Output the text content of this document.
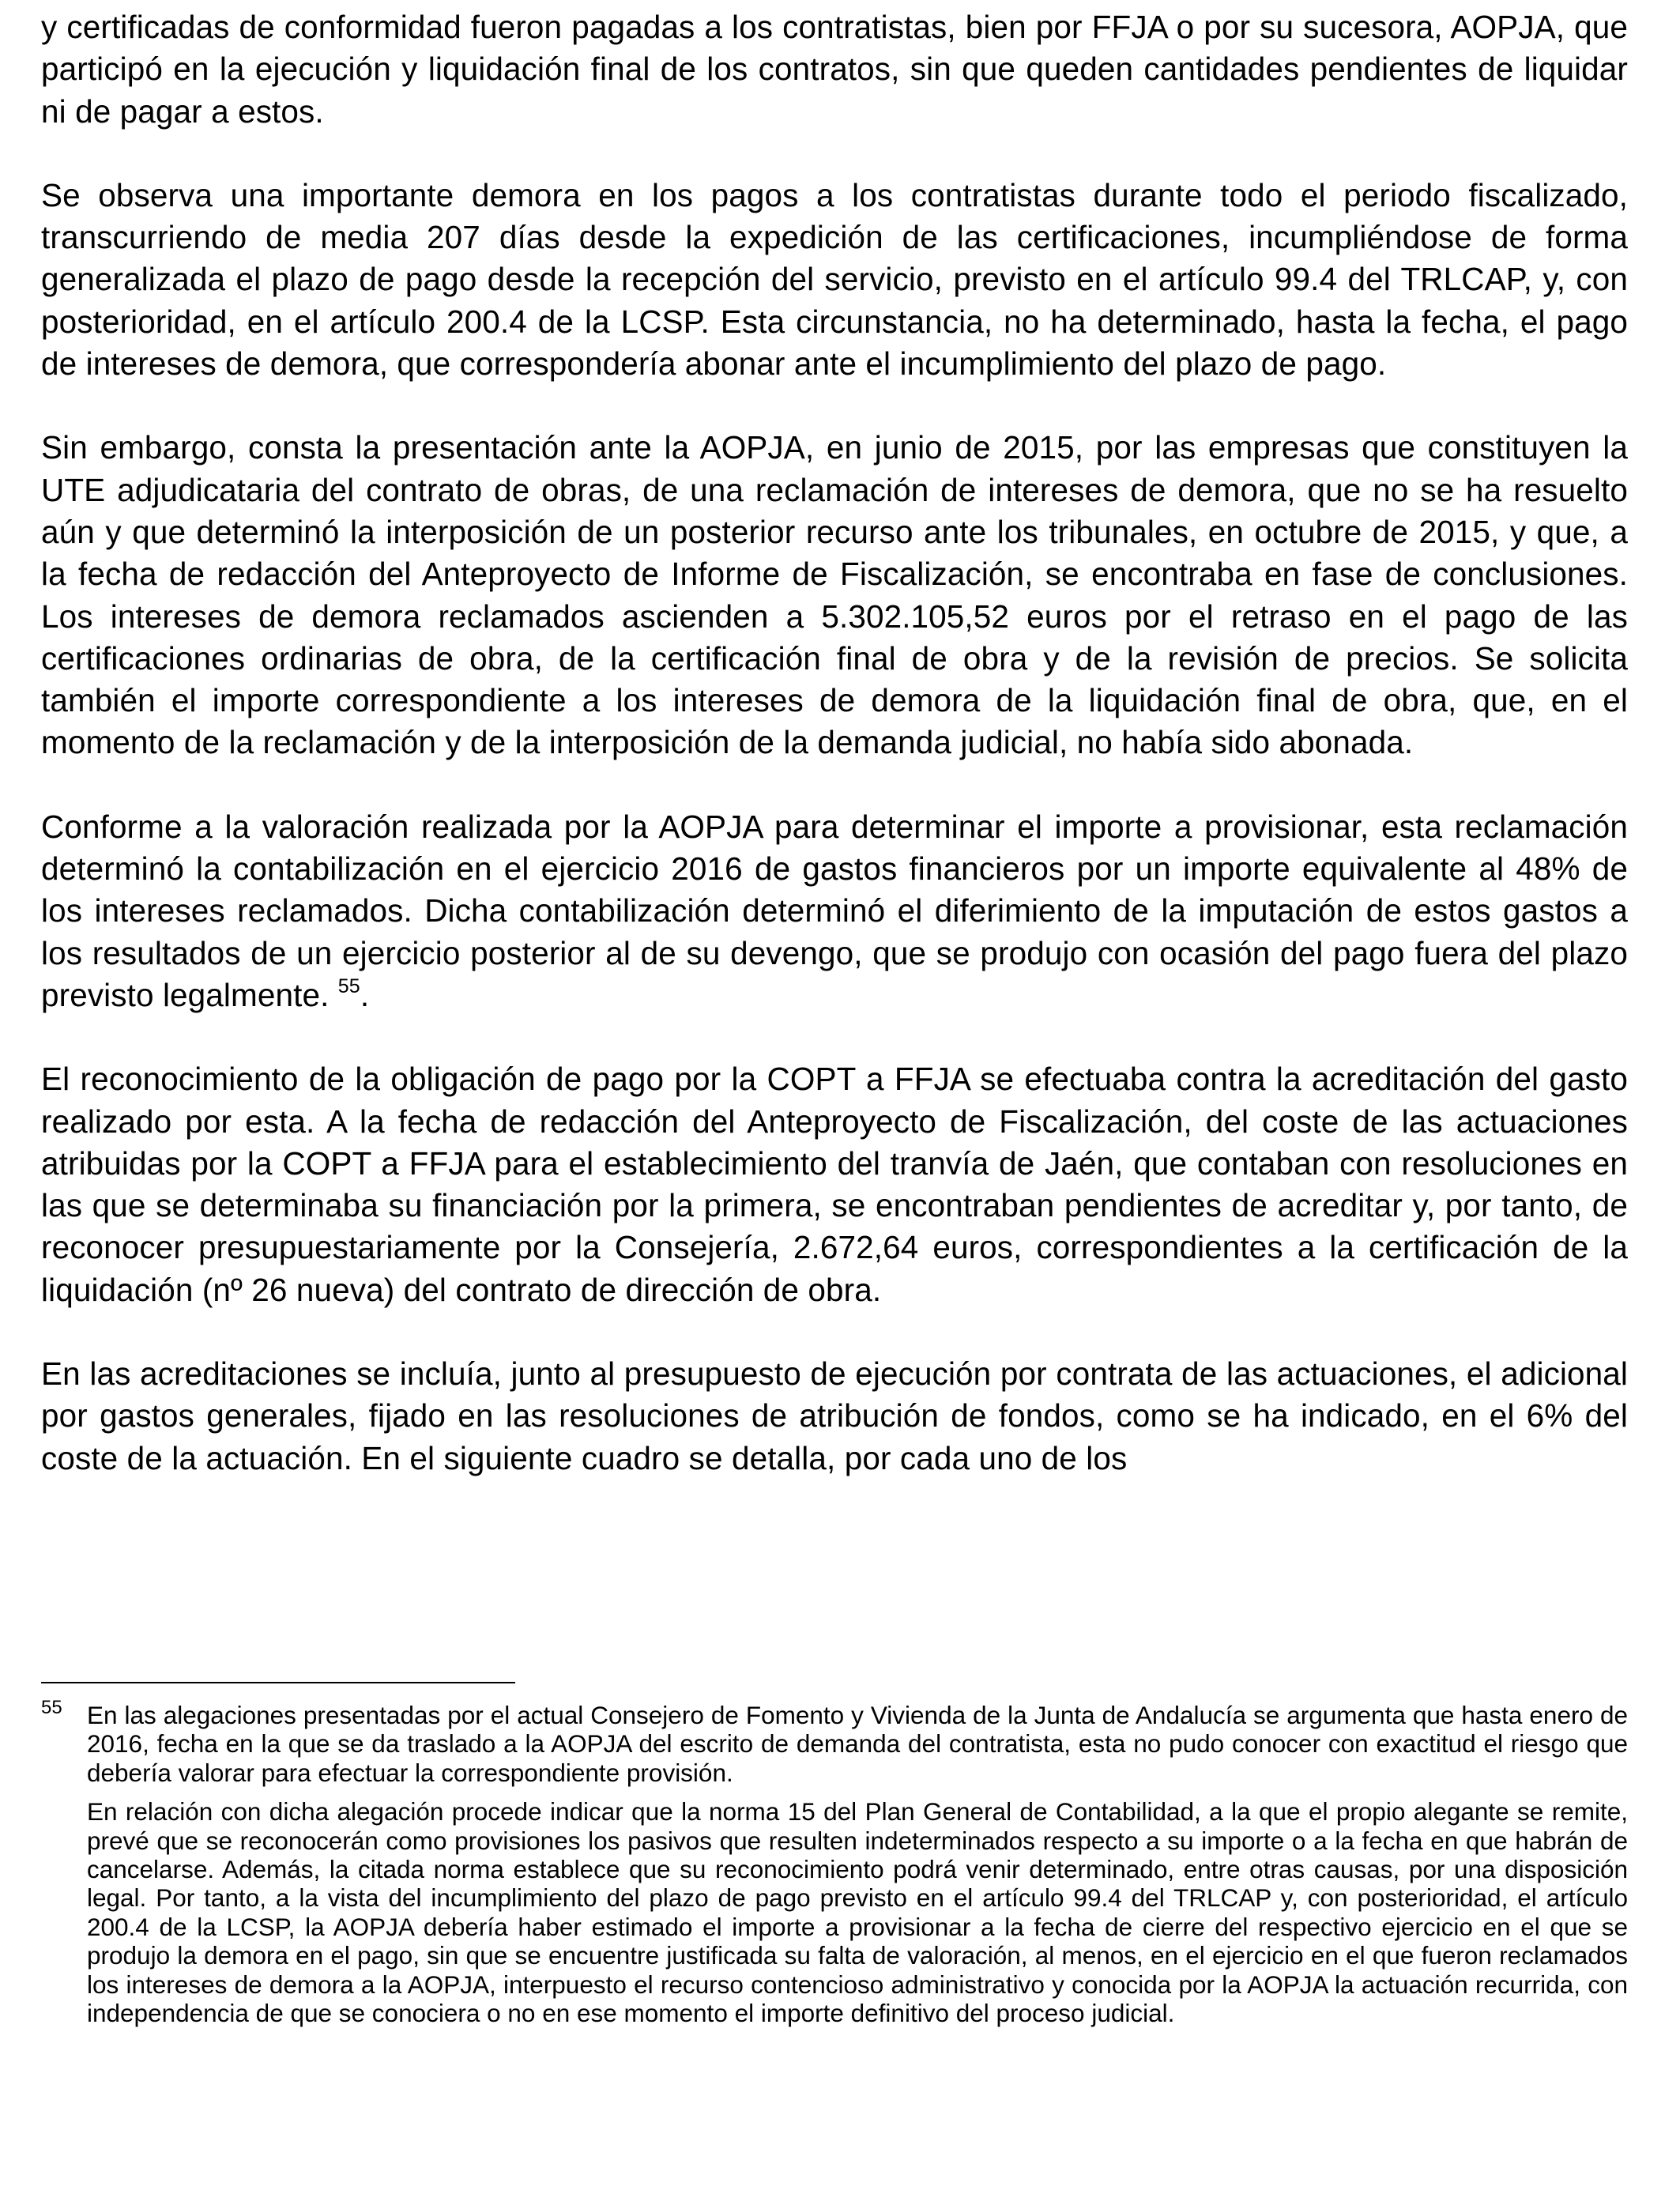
y certificadas de conformidad fueron pagadas a los contratistas, bien por FFJA o por su sucesora, AOPJA, que participó en la ejecución y liquidación final de los contratos, sin que queden cantidades pendientes de liquidar ni de pagar a estos.

Se observa una importante demora en los pagos a los contratistas durante todo el periodo fiscalizado, transcurriendo de media 207 días desde la expedición de las certificaciones, incumpliéndose de forma generalizada el plazo de pago desde la recepción del servicio, previsto en el artículo 99.4 del TRLCAP, y, con posterioridad, en el artículo 200.4 de la LCSP. Esta circunstancia, no ha determinado, hasta la fecha, el pago de intereses de demora, que correspondería abonar ante el incumplimiento del plazo de pago.

Sin embargo, consta la presentación ante la AOPJA, en junio de 2015, por las empresas que constituyen la UTE adjudicataria del contrato de obras, de una reclamación de intereses de demora, que no se ha resuelto aún y que determinó la interposición de un posterior recurso ante los tribunales, en octubre de 2015, y que, a la fecha de redacción del Anteproyecto de Informe de Fiscalización, se encontraba en fase de conclusiones. Los intereses de demora reclamados ascienden a 5.302.105,52 euros por el retraso en el pago de las certificaciones ordinarias de obra, de la certificación final de obra y de la revisión de precios. Se solicita también el importe correspondiente a los intereses de demora de la liquidación final de obra, que, en el momento de la reclamación y de la interposición de la demanda judicial, no había sido abonada.

Conforme a la valoración realizada por la AOPJA para determinar el importe a provisionar, esta reclamación determinó la contabilización en el ejercicio 2016 de gastos financieros por un importe equivalente al 48% de los intereses reclamados. Dicha contabilización determinó el diferimiento de la imputación de estos gastos a los resultados de un ejercicio posterior al de su devengo, que se produjo con ocasión del pago fuera del plazo previsto legalmente. $^{55}$.

El reconocimiento de la obligación de pago por la COPT a FFJA se efectuaba contra la acreditación del gasto realizado por esta. A la fecha de redacción del Anteproyecto de Fiscalización, del coste de las actuaciones atribuidas por la COPT a FFJA para el establecimiento del tranvía de Jaén, que contaban con resoluciones en las que se determinaba su financiación por la primera, se encontraban pendientes de acreditar y, por tanto, de reconocer presupuestariamente por la Consejería, 2.672,64 euros, correspondientes a la certificación de la liquidación (nº 26 nueva) del contrato de dirección de obra.

En las acreditaciones se incluía, junto al presupuesto de ejecución por contrata de las actuaciones, el adicional por gastos generales, fijado en las resoluciones de atribución de fondos, como se ha indicado, en el 6% del coste de la actuación. En el siguiente cuadro se detalla, por cada uno de los

55 En las alegaciones presentadas por el actual Consejero de Fomento y Vivienda de la Junta de Andalucía se argumenta que hasta enero de 2016, fecha en la que se da traslado a la AOPJA del escrito de demanda del contratista, esta no pudo conocer con exactitud el riesgo que debería valorar para efectuar la correspondiente provisión.

En relación con dicha alegación procede indicar que la norma 15 del Plan General de Contabilidad, a la que el propio alegante se remite, prevé que se reconocerán como provisiones los pasivos que resulten indeterminados respecto a su importe o a la fecha en que habrán de cancelarse. Además, la citada norma establece que su reconocimiento podrá venir determinado, entre otras causas, por una disposición legal. Por tanto, a la vista del incumplimiento del plazo de pago previsto en el artículo 99.4 del TRLCAP y, con posterioridad, el artículo 200.4 de la LCSP, la AOPJA debería haber estimado el importe a provisionar a la fecha de cierre del respectivo ejercicio en el que se produjo la demora en el pago, sin que se encuentre justificada su falta de valoración, al menos, en el ejercicio en el que fueron reclamados los intereses de demora a la AOPJA, interpuesto el recurso contencioso administrativo y conocida por la AOPJA la actuación recurrida, con independencia de que se conociera o no en ese momento el importe definitivo del proceso judicial.
